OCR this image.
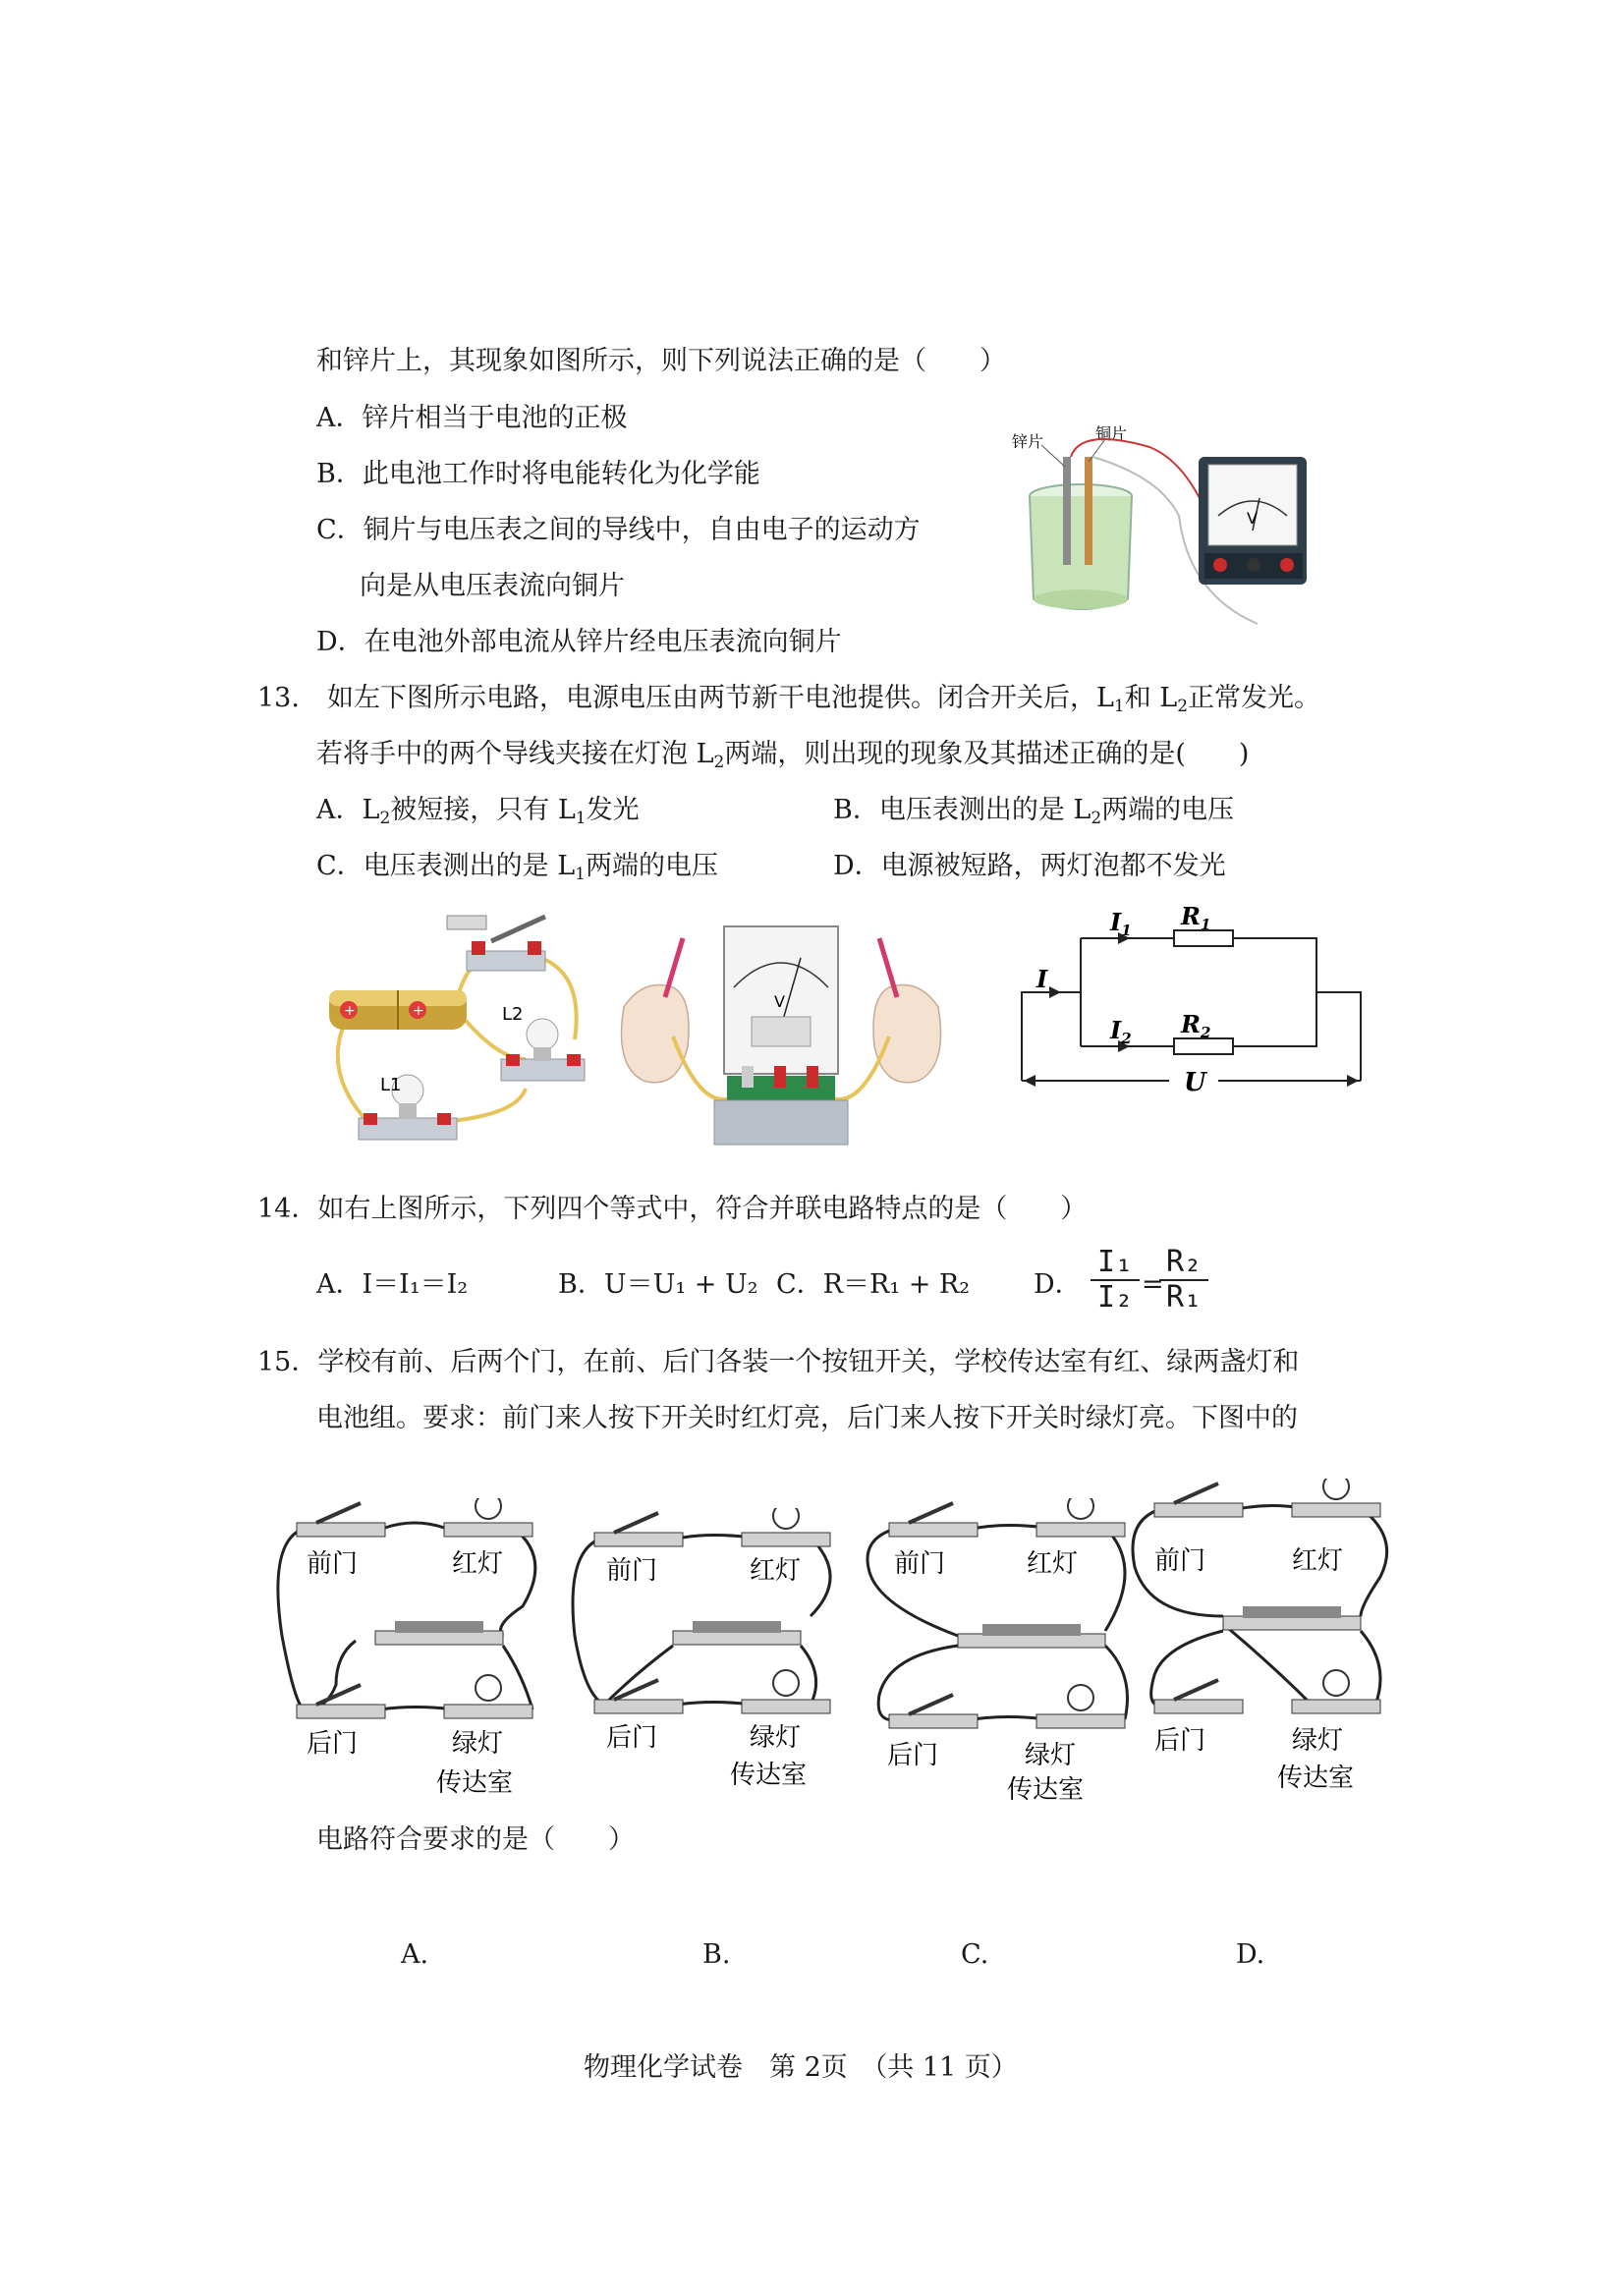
和锌片上，其现象如图所示，则下列说法正确的是（　　）
A．锌片相当于电池的正极
B．此电池工作时将电能转化为化学能
C．铜片与电压表之间的导线中，自由电子的运动方
向是从电压表流向铜片
D．在电池外部电流从锌片经电压表流向铜片
锌片	铜片
V
13. 如左下图所示电路，电源电压由两节新干电池提供。闭合开关后，$L_1$和 $L_2$正常发光。
若将手中的两个导线夹接在灯泡 $L_2$两端，则出现的现象及其描述正确的是(　　)
A．$L_2$被短接，只有 $L_1$发光	B．电压表测出的是 $L_2$两端的电压
C．电压表测出的是 $L_1$两端的电压	D．电源被短路，两灯泡都不发光
+	+	L2
L1
V
I
$I_1$
$I_2$
$R_1$
$R_2$
U
14．如右上图所示，下列四个等式中，符合并联电路特点的是（　　）
A．I＝I₁＝I₂	B．U＝U₁ + U₂ C．R＝R₁ + R₂ D． $\frac{\text{I₁}}{\text{I₂}}$ =
$\frac{\text{R₂}}{\text{R₁}}$
15．学校有前、后两个门，在前、后门各装一个按钮开关，学校传达室有红、绿两盏灯和
电池组。要求：前门来人按下开关时红灯亮，后门来人按下开关时绿灯亮。下图中的
前门	红灯
后门	绿灯
传达室
前门	红灯
后门	绿灯
传达室
前门	红灯
后门	绿灯
传达室
前门	红灯
后门	绿灯
传达室
电路符合要求的是（　　）
A.	B.	C.	D.
物理化学试卷　第 2页　（共 11 页）
